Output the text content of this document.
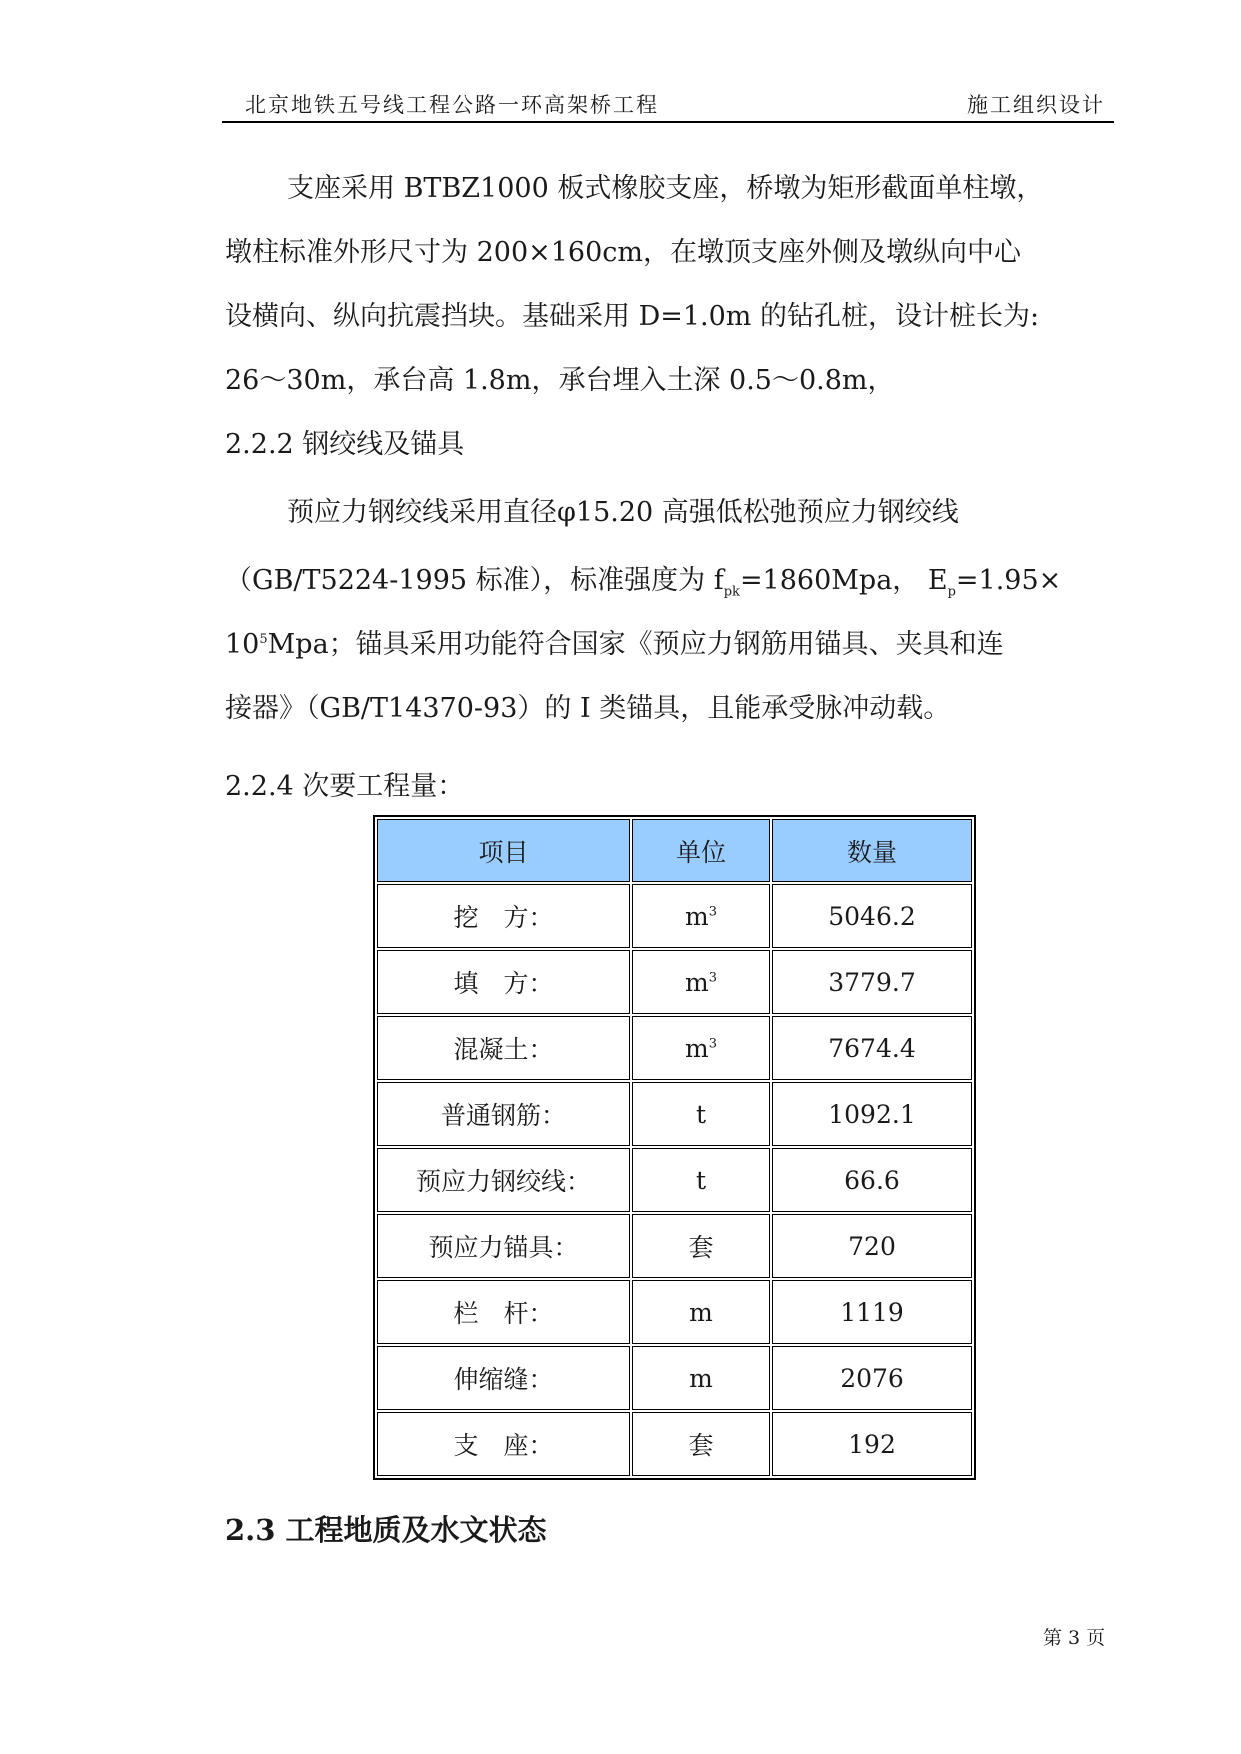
北京地铁五号线工程公路一环高架桥工程	施工组织设计
支座采用 BTBZ1000 板式橡胶支座，桥墩为矩形截面单柱墩，
墩柱标准外形尺寸为 200×160cm，在墩顶支座外侧及墩纵向中心
设横向、纵向抗震挡块。基础采用 D=1.0m 的钻孔桩，设计桩长为:
26～30m，承台高 1.8m，承台埋入土深 0.5～0.8m，
2.2.2 钢绞线及锚具
预应力钢绞线采用直径φ15.20 高强低松弛预应力钢绞线
（GB/T5224-1995 标准），标准强度为 $f_{pk}=1860Mpa$， $E_p=1.95\times$
$10^5Mpa$；锚具采用功能符合国家《预应力钢筋用锚具、夹具和连
接器》（GB/T14370-93）的 I 类锚具，且能承受脉冲动载。
2.2.4 次要工程量：
项目	单位	数量
挖　方：	$m^3$	5046.2
填　方：	$m^3$	3779.7
混凝土：	$m^3$	7674.4
普通钢筋：	t	1092.1
预应力钢绞线：	t	66.6
预应力锚具：	套	720
栏　杆：	m	1119
伸缩缝：	m	2076
支　座：	套	192
2.3 工程地质及水文状态
第 3 页
